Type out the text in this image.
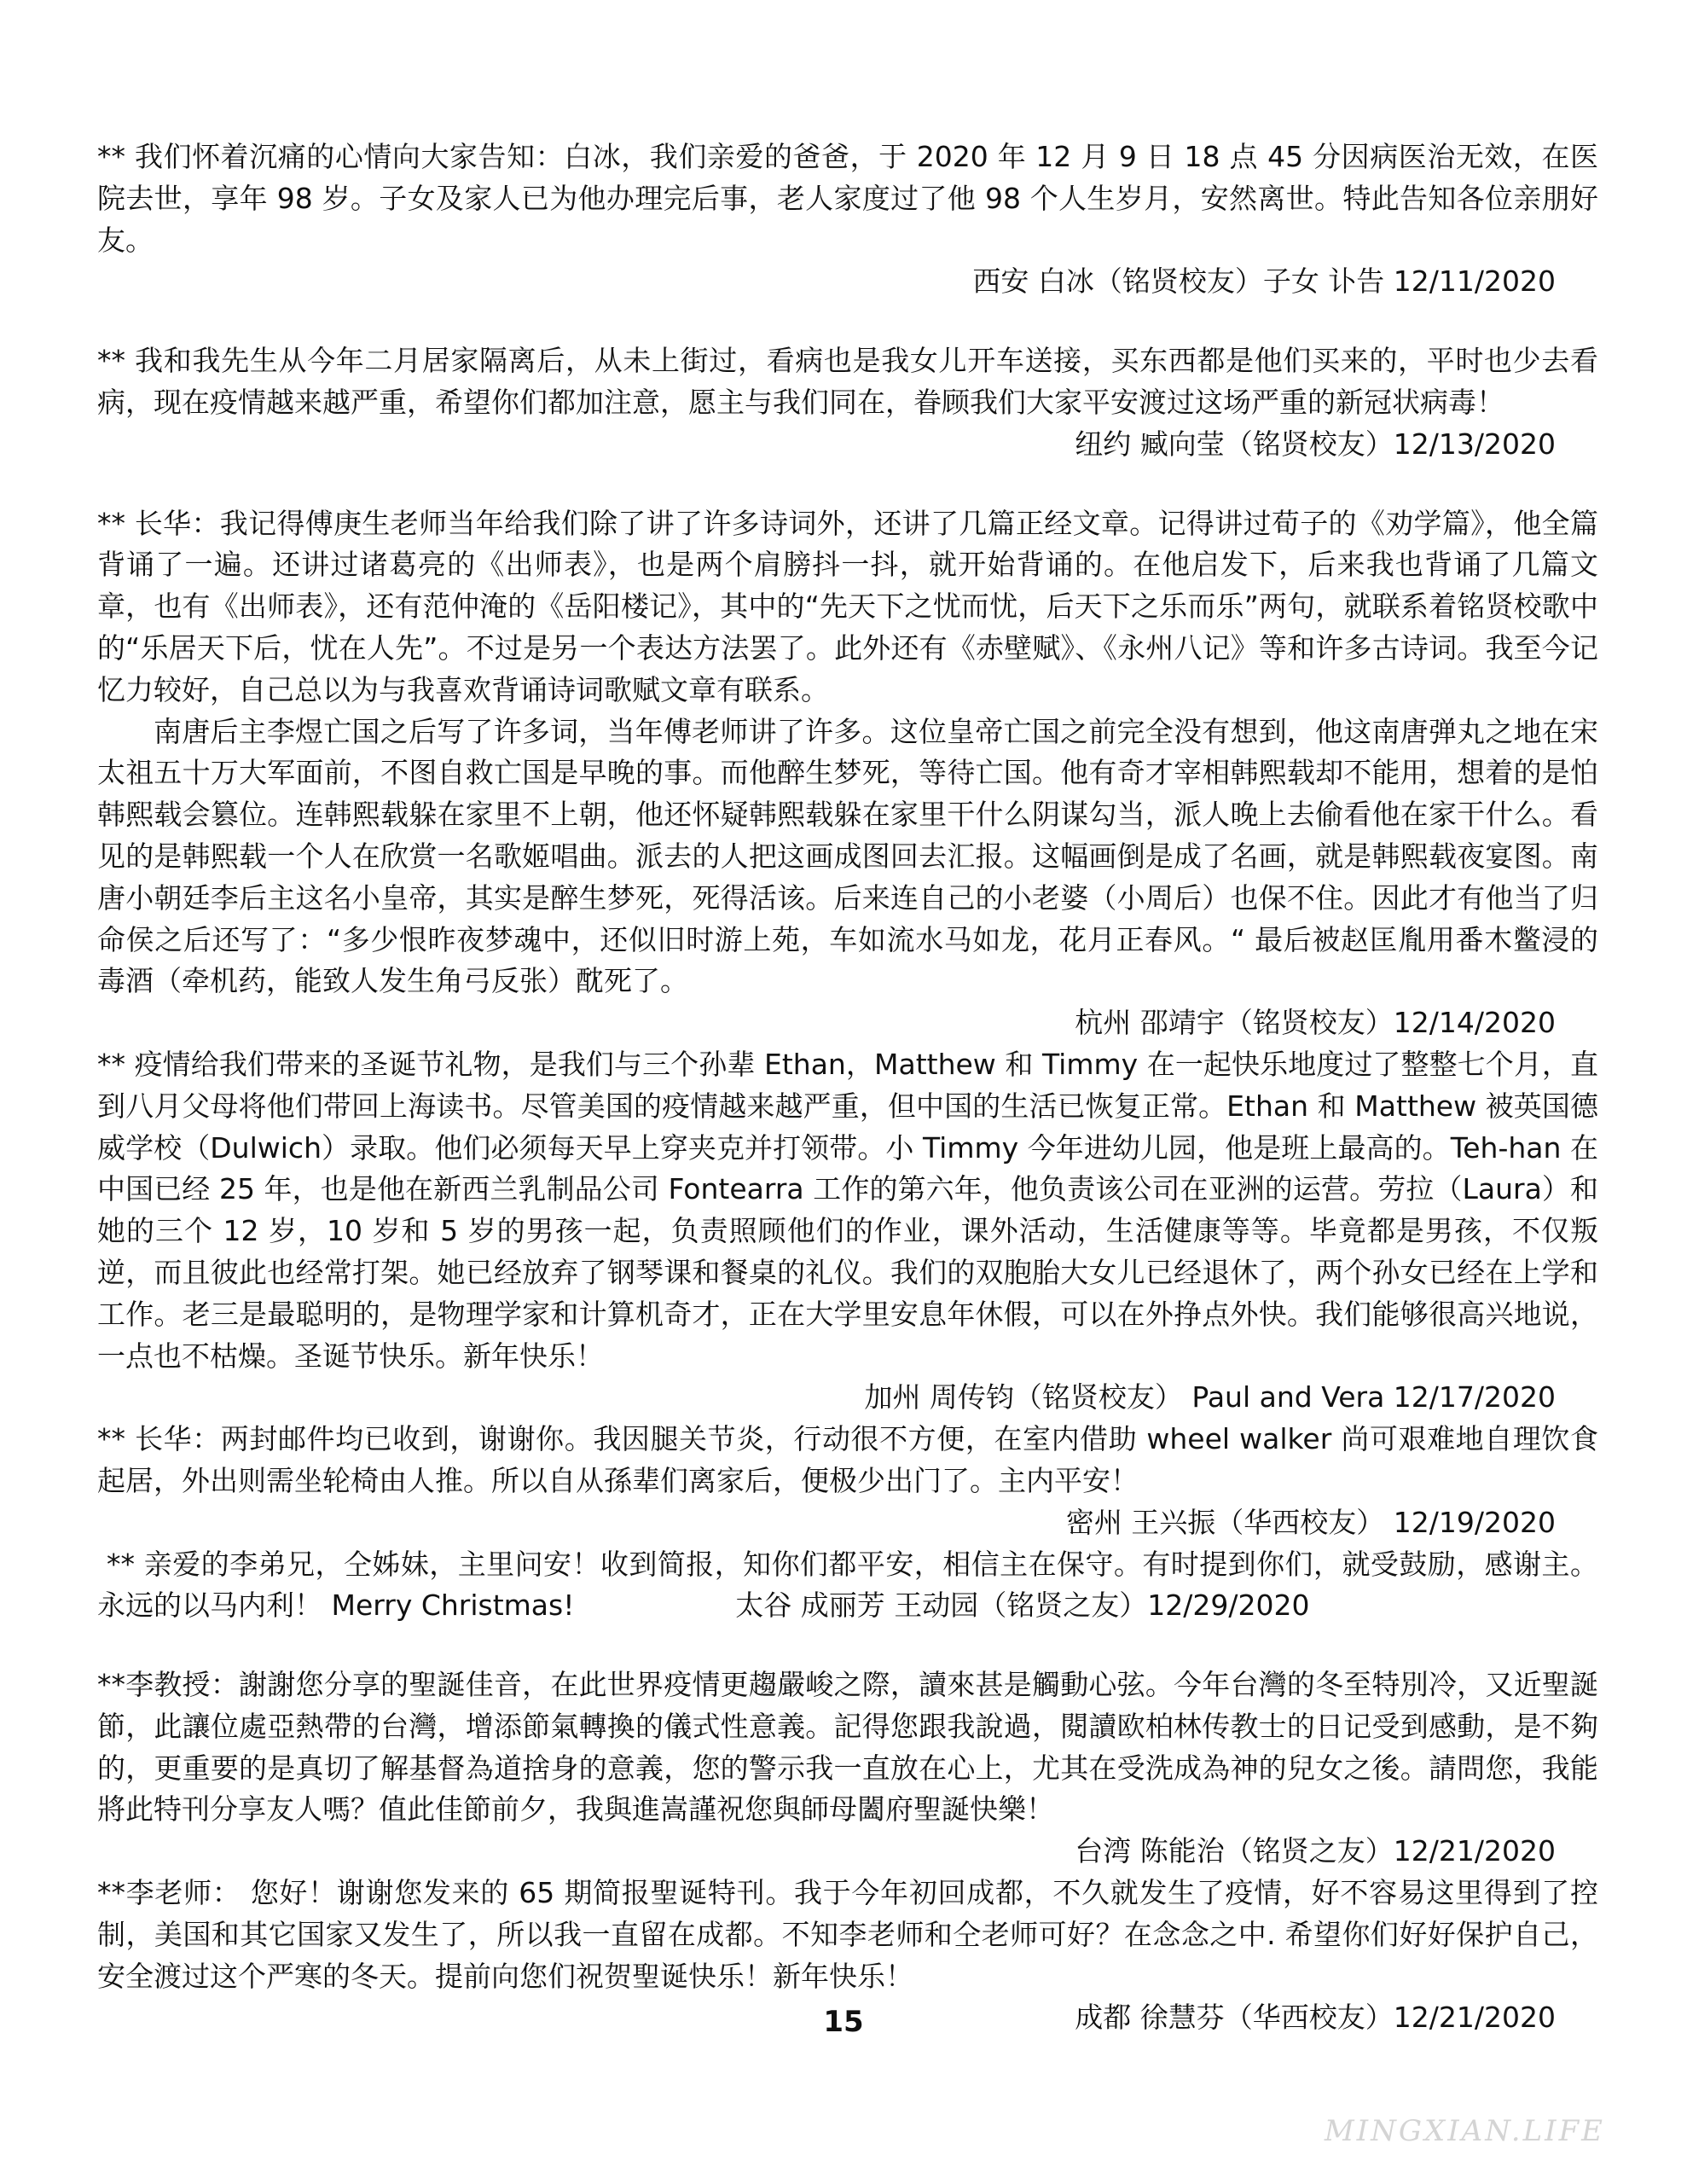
** 我们怀着沉痛的心情向大家告知：白冰，我们亲爱的爸爸，于 2020 年 12 月 9 日 18 点 45 分因病医治无效，在医院去世，享年 98 岁。子女及家人已为他办理完后事，老人家度过了他 98 个人生岁月，安然离世。特此告知各位亲朋好友。

西安 白冰（铭贤校友）子女 讣告 12/11/2020

** 我和我先生从今年二月居家隔离后，从未上街过，看病也是我女儿开车送接，买东西都是他们买来的，平时也少去看病，现在疫情越来越严重，希望你们都加注意，愿主与我们同在，眷顾我们大家平安渡过这场严重的新冠状病毒！

纽约 臧向莹（铭贤校友）12/13/2020

** 长华：我记得傅庚生老师当年给我们除了讲了许多诗词外，还讲了几篇正经文章。记得讲过荀子的《劝学篇》，他全篇背诵了一遍。还讲过诸葛亮的《出师表》，也是两个肩膀抖一抖，就开始背诵的。在他启发下，后来我也背诵了几篇文章，也有《出师表》，还有范仲淹的《岳阳楼记》，其中的“先天下之忧而忧，后天下之乐而乐”两句，就联系着铭贤校歌中的“乐居天下后，忧在人先”。不过是另一个表达方法罢了。此外还有《赤壁赋》、《永州八记》等和许多古诗词。我至今记忆力较好，自己总以为与我喜欢背诵诗词歌赋文章有联系。

南唐后主李煜亡国之后写了许多词，当年傅老师讲了许多。这位皇帝亡国之前完全没有想到，他这南唐弹丸之地在宋太祖五十万大军面前，不图自救亡国是早晚的事。而他醉生梦死，等待亡国。他有奇才宰相韩熙载却不能用，想着的是怕韩熙载会篡位。连韩熙载躲在家里不上朝，他还怀疑韩熙载躲在家里干什么阴谋勾当，派人晚上去偷看他在家干什么。看见的是韩熙载一个人在欣赏一名歌姬唱曲。派去的人把这画成图回去汇报。这幅画倒是成了名画，就是韩熙载夜宴图。南唐小朝廷李后主这名小皇帝，其实是醉生梦死，死得活该。后来连自己的小老婆（小周后）也保不住。因此才有他当了归命侯之后还写了：“多少恨昨夜梦魂中，还似旧时游上苑，车如流水马如龙，花月正春风。“ 最后被赵匡胤用番木鳖浸的毒酒（牵机药，能致人发生角弓反张）酖死了。

杭州 邵靖宇（铭贤校友）12/14/2020

** 疫情给我们带来的圣诞节礼物，是我们与三个孙辈 Ethan，Matthew 和 Timmy 在一起快乐地度过了整整七个月，直到八月父母将他们带回上海读书。尽管美国的疫情越来越严重，但中国的生活已恢复正常。Ethan 和 Matthew 被英国德威学校（Dulwich）录取。他们必须每天早上穿夹克并打领带。小 Timmy 今年进幼儿园，他是班上最高的。Teh-han 在中国已经 25 年，也是他在新西兰乳制品公司 Fontearra 工作的第六年，他负责该公司在亚洲的运营。劳拉（Laura）和她的三个 12 岁，10 岁和 5 岁的男孩一起，负责照顾他们的作业，课外活动，生活健康等等。毕竟都是男孩，不仅叛逆，而且彼此也经常打架。她已经放弃了钢琴课和餐桌的礼仪。我们的双胞胎大女儿已经退休了，两个孙女已经在上学和工作。老三是最聪明的，是物理学家和计算机奇才，正在大学里安息年休假，可以在外挣点外快。我们能够很高兴地说，一点也不枯燥。圣诞节快乐。新年快乐！

加州 周传钧（铭贤校友） Paul and Vera 12/17/2020

** 长华：两封邮件均已收到，谢谢你。我因腿关节炎，行动很不方便，在室内借助 wheel walker 尚可艰难地自理饮食起居，外出则需坐轮椅由人推。所以自从孫辈们离家后，便极少出门了。主内平安！

密州 王兴振（华西校友） 12/19/2020

** 亲爱的李弟兄，仝姊妹，主里问安！收到简报，知你们都平安，相信主在保守。有时提到你们，就受鼓励，感谢主。永远的以马内利！ Merry Christmas!                  太谷 成丽芳 王动园（铭贤之友）12/29/2020

**李教授：謝謝您分享的聖誕佳音，在此世界疫情更趨嚴峻之際，讀來甚是觸動心弦。今年台灣的冬至特別冷，又近聖誕節，此讓位處亞熱帶的台灣，增添節氣轉換的儀式性意義。記得您跟我說過，閱讀欧柏林传教士的日记受到感動，是不夠的，更重要的是真切了解基督為道捨身的意義，您的警示我一直放在心上，尤其在受洗成為神的兒女之後。請問您，我能將此特刊分享友人嗎？值此佳節前夕，我與進嵩謹祝您與師母闔府聖誕快樂！

台湾 陈能治（铭贤之友）12/21/2020

**李老师： 您好！谢谢您发来的 65 期简报聖诞特刊。我于今年初回成都，不久就发生了疫情，好不容易这里得到了控制，美国和其它国家又发生了，所以我一直留在成都。不知李老师和仝老师可好？在念念之中. 希望你们好好保护自己，安全渡过这个严寒的冬天。提前向您们祝贺聖诞快乐！新年快乐！

成都 徐慧芬（华西校友）12/21/2020

15
MINGXIAN.LIFE
